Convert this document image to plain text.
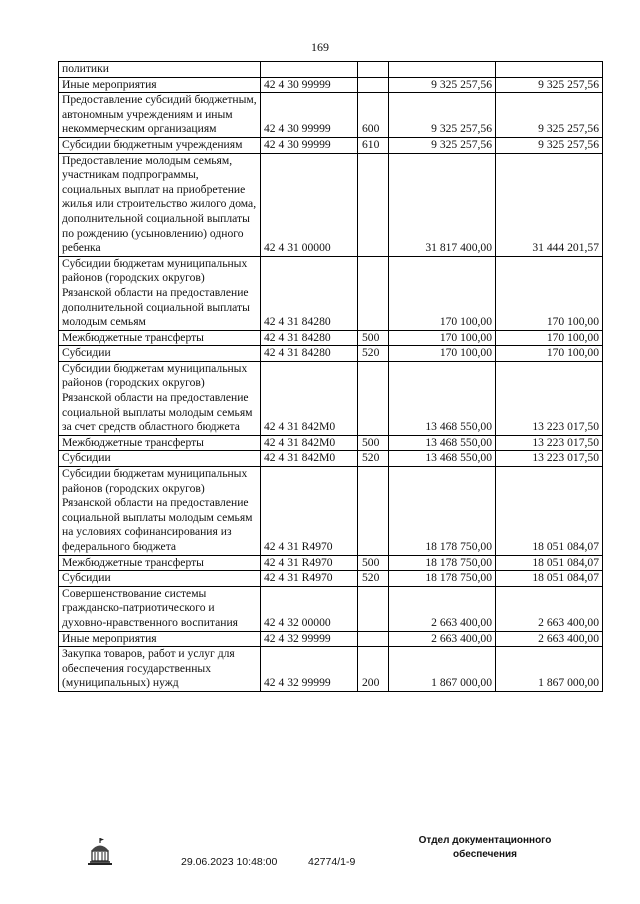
169
политики				
Иные мероприятия	42 4 30 99999		9 325 257,56	9 325 257,56
Предоставление субсидий бюджетным, автономным учреждениям и иным некоммерческим организациям	42 4 30 99999	600	9 325 257,56	9 325 257,56
Субсидии бюджетным учреждениям	42 4 30 99999	610	9 325 257,56	9 325 257,56
Предоставление молодым семьям, участникам подпрограммы, социальных выплат на приобретение жилья или строительство жилого дома, дополнительной социальной выплаты по рождению (усыновлению) одного ребенка	42 4 31 00000		31 817 400,00	31 444 201,57
Субсидии бюджетам муниципальных районов (городских округов) Рязанской области на предоставление дополнительной социальной выплаты молодым семьям	42 4 31 84280		170 100,00	170 100,00
Межбюджетные трансферты	42 4 31 84280	500	170 100,00	170 100,00
Субсидии	42 4 31 84280	520	170 100,00	170 100,00
Субсидии бюджетам муниципальных районов (городских округов) Рязанской области на предоставление социальной выплаты молодым семьям за счет средств областного бюджета	42 4 31 842M0		13 468 550,00	13 223 017,50
Межбюджетные трансферты	42 4 31 842M0	500	13 468 550,00	13 223 017,50
Субсидии	42 4 31 842M0	520	13 468 550,00	13 223 017,50
Субсидии бюджетам муниципальных районов (городских округов) Рязанской области на предоставление социальной выплаты молодым семьям на условиях софинансирования из федерального бюджета	42 4 31 R4970		18 178 750,00	18 051 084,07
Межбюджетные трансферты	42 4 31 R4970	500	18 178 750,00	18 051 084,07
Субсидии	42 4 31 R4970	520	18 178 750,00	18 051 084,07
Совершенствование системы гражданско-патриотического и духовно-нравственного воспитания	42 4 32 00000		2 663 400,00	2 663 400,00
Иные мероприятия	42 4 32 99999		2 663 400,00	2 663 400,00
Закупка товаров, работ и услуг для обеспечения государственных (муниципальных) нужд	42 4 32 99999	200	1 867 000,00	1 867 000,00
29.06.2023 10:48:00	42774/1-9
Отдел документационного
обеспечения
